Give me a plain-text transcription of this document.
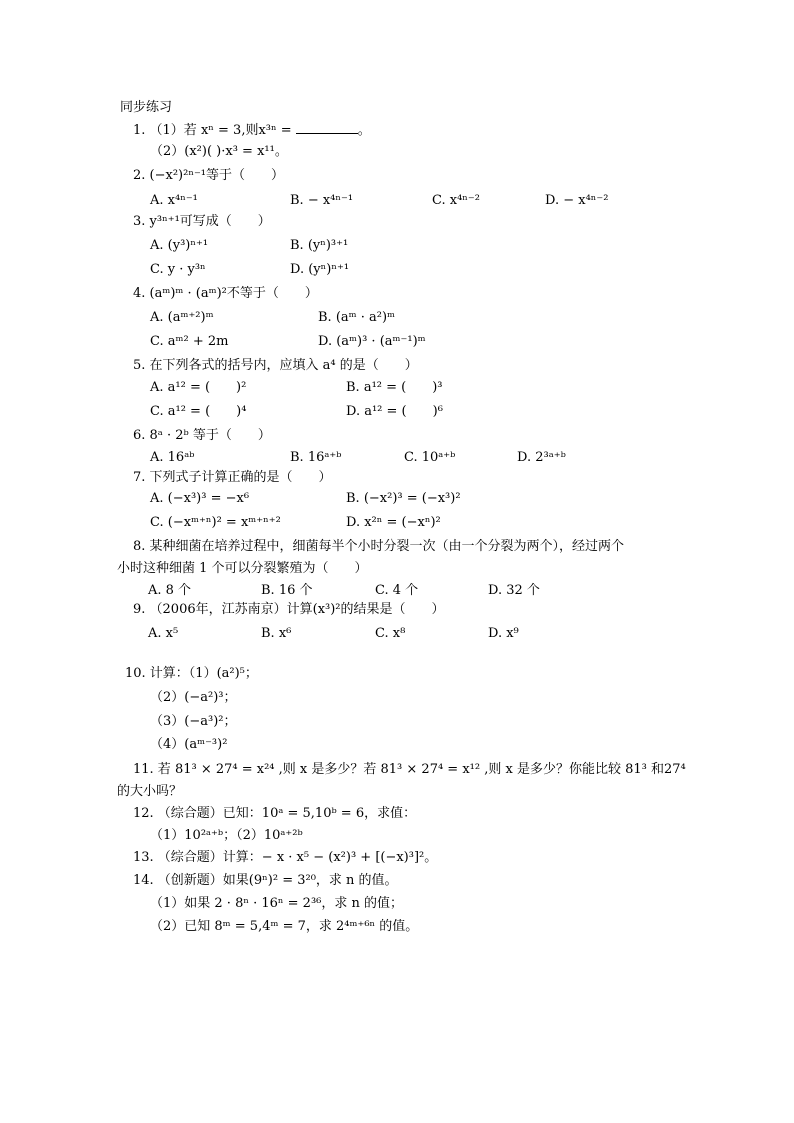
同步练习
1. （1）若 xⁿ = 3,则x³ⁿ =	。
（2）(x²)( )·x³ = x¹¹。
2. (−x²)²ⁿ⁻¹等于（　　）
A. x⁴ⁿ⁻¹	B. − x⁴ⁿ⁻¹	C. x⁴ⁿ⁻²	D. − x⁴ⁿ⁻²
3. y³ⁿ⁺¹可写成（　　）
A. (y³)ⁿ⁺¹	B. (yⁿ)³⁺¹
C. y · y³ⁿ	D. (yⁿ)ⁿ⁺¹
4. (aᵐ)ᵐ · (aᵐ)²不等于（　　）
A. (aᵐ⁺²)ᵐ	B. (aᵐ · a²)ᵐ
C. aᵐ² + 2m	D. (aᵐ)³ · (aᵐ⁻¹)ᵐ
5. 在下列各式的括号内，应填入 a⁴ 的是（　　）
A. a¹² = (　　)²	B. a¹² = (　　)³
C. a¹² = (　　)⁴	D. a¹² = (　　)⁶
6. 8ᵃ · 2ᵇ 等于（　　）
A. 16ᵃᵇ	B. 16ᵃ⁺ᵇ	C. 10ᵃ⁺ᵇ	D. 2³ᵃ⁺ᵇ
7. 下列式子计算正确的是（　　）
A. (−x³)³ = −x⁶	B. (−x²)³ = (−x³)²
C. (−xᵐ⁺ⁿ)² = xᵐ⁺ⁿ⁺²	D. x²ⁿ = (−xⁿ)²
8. 某种细菌在培养过程中，细菌每半个小时分裂一次（由一个分裂为两个），经过两个
小时这种细菌 1 个可以分裂繁殖为（　　）
A. 8 个	B. 16 个	C. 4 个	D. 32 个
9. （2006年，江苏南京）计算(x³)²的结果是（　　）
A. x⁵	B. x⁶	C. x⁸	D. x⁹
10. 计算：（1）(a²)⁵；
（2）(−a²)³；
（3）(−a³)²；
（4）(aᵐ⁻³)²
11. 若 81³ × 27⁴ = x²⁴ ,则 x 是多少？若 81³ × 27⁴ = x¹² ,则 x 是多少？你能比较 81³ 和27⁴
的大小吗？
12. （综合题）已知：10ᵃ = 5,10ᵇ = 6，求值：
（1）10²ᵃ⁺ᵇ；（2）10ᵃ⁺²ᵇ
13. （综合题）计算：− x · x⁵ − (x²)³ + [(−x)³]²。
14. （创新题）如果(9ⁿ)² = 3²⁰，求 n 的值。
（1）如果 2 · 8ⁿ · 16ⁿ = 2³⁶，求 n 的值；
（2）已知 8ᵐ = 5,4ᵐ = 7，求 2⁴ᵐ⁺⁶ⁿ 的值。
